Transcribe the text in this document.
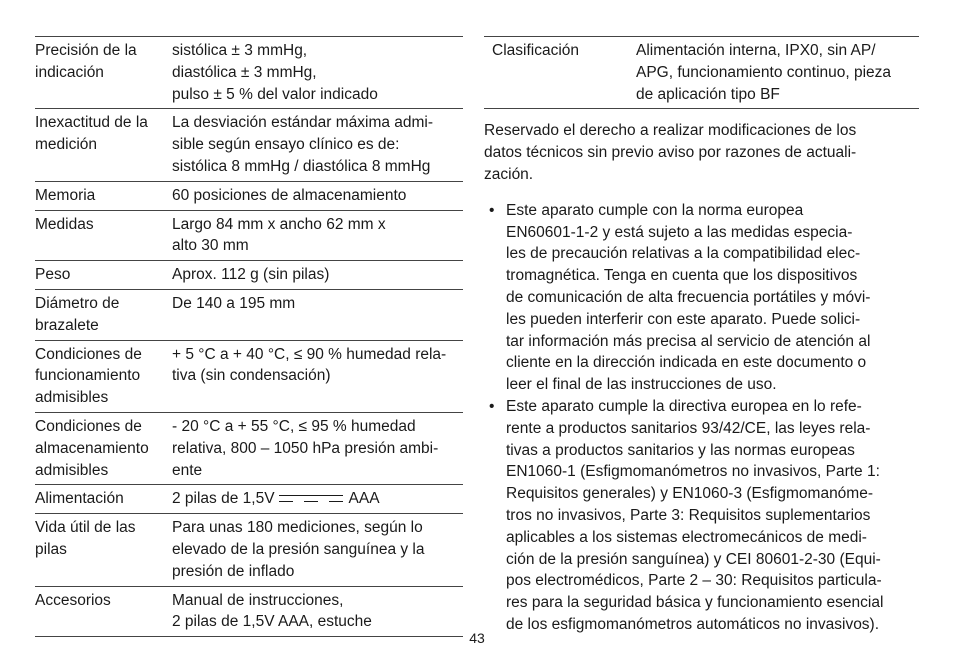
Precisión de la
indicación	sistólica ± 3 mmHg,
diastólica ± 3 mmHg,
pulso ± 5 % del valor indicado

Inexactitud de la
medición	La desviación estándar máxima admi-
sible según ensayo clínico es de:
sistólica 8 mmHg / diastólica 8 mmHg

Memoria	60 posiciones de almacenamiento

Medidas	Largo 84 mm x ancho 62 mm x
alto 30 mm

Peso	Aprox. 112 g (sin pilas)

Diámetro de
brazalete	De 140 a 195 mm

Condiciones de
funcionamiento
admisibles	+ 5 °C a + 40 °C, ≤ 90 % humedad rela-
tiva (sin condensación)

Condiciones de
almacenamiento
admisibles	- 20 °C a + 55 °C, ≤ 95 % humedad
relativa, 800 – 1050 hPa presión ambi-
ente

Alimentación	2 pilas de 1,5V AAA

Vida útil de las
pilas	Para unas 180 mediciones, según lo
elevado de la presión sanguínea y la
presión de inflado

Accesorios	Manual de instrucciones,
2 pilas de 1,5V AAA, estuche
Clasificación	Alimentación interna, IPX0, sin AP/
APG, funcionamiento continuo, pieza
de aplicación tipo BF
Reservado el derecho a realizar modificaciones de los
datos técnicos sin previo aviso por razones de actuali-
zación.
• Este aparato cumple con la norma europea
EN60601-1-2 y está sujeto a las medidas especia-
les de precaución relativas a la compatibilidad elec-
tromagnética. Tenga en cuenta que los dispositivos
de comunicación de alta frecuencia portátiles y móvi-
les pueden interferir con este aparato. Puede solici-
tar información más precisa al servicio de atención al
cliente en la dirección indicada en este documento o
leer el final de las instrucciones de uso.
• Este aparato cumple la directiva europea en lo refe-
rente a productos sanitarios 93/42/CE, las leyes rela-
tivas a productos sanitarios y las normas europeas
EN1060-1 (Esfigmomanómetros no invasivos, Parte 1:
Requisitos generales) y EN1060-3 (Esfigmomanóme-
tros no invasivos, Parte 3: Requisitos suplementarios
aplicables a los sistemas electromecánicos de medi-
ción de la presión sanguínea) y CEI 80601-2-30 (Equi-
pos electromédicos, Parte 2 – 30: Requisitos particula-
res para la seguridad básica y funcionamiento esencial
de los esfigmomanómetros automáticos no invasivos).
43
